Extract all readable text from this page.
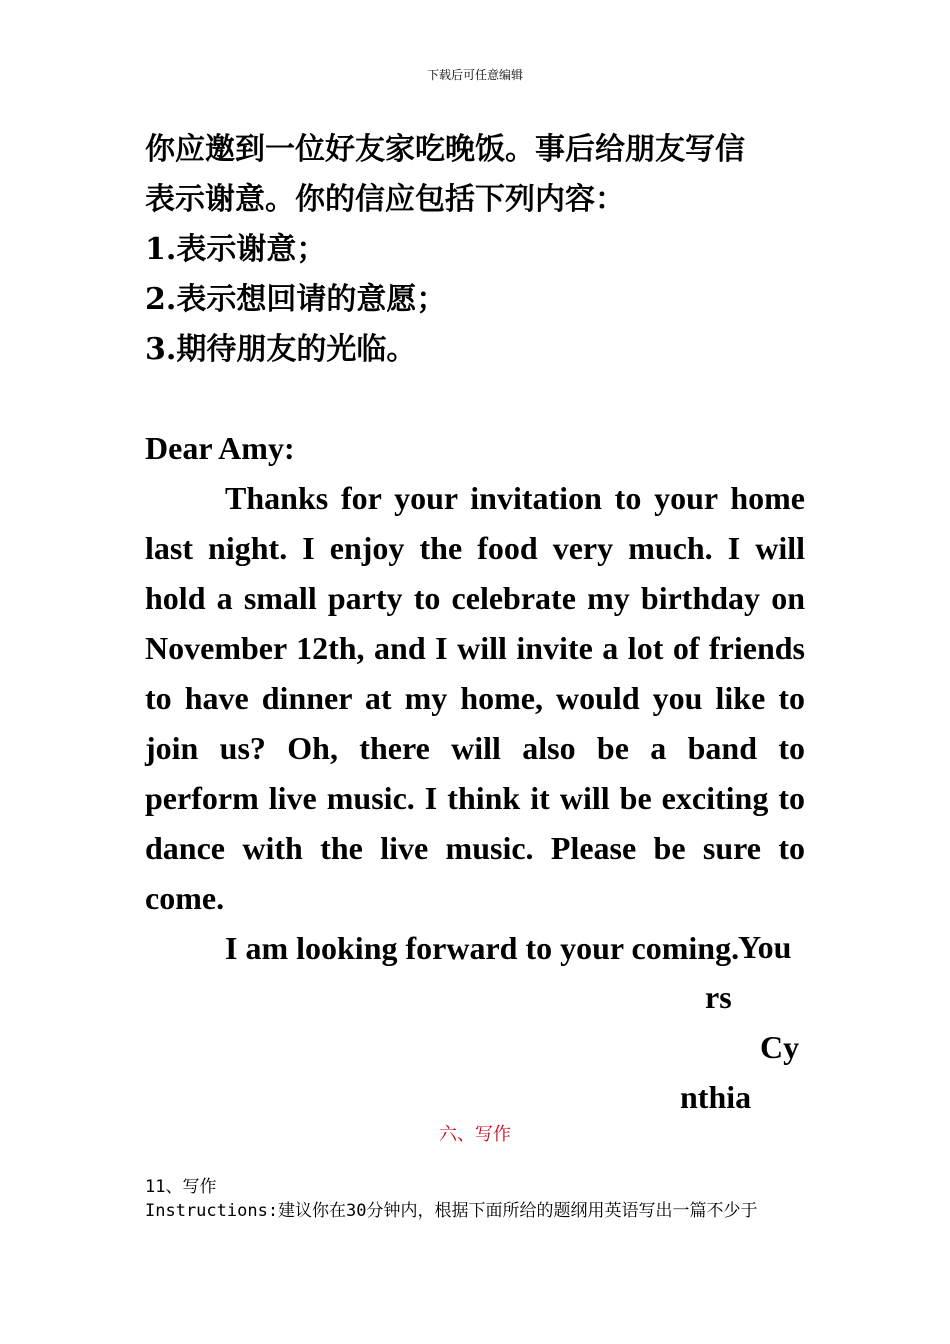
下载后可任意编辑
你应邀到一位好友家吃晚饭。事后给朋友写信
表示谢意。你的信应包括下列内容：
1.表示谢意；
2.表示想回请的意愿；
3.期待朋友的光临。

Dear Amy:

Thanks for your invitation to your home last night. I enjoy the food very much. I will hold a small party to celebrate my birthday on November 12th, and I will invite a lot of friends to have dinner at my home, would you like to join us? Oh, there will also be a band to perform live music. I think it will be exciting to dance with the live music. Please be sure to come.

I am looking forward to your coming.

You
rs
Cy
nthia
六、写作
11、写作
Instructions:建议你在30分钟内，根据下面所给的题纲用英语写出一篇不少于
